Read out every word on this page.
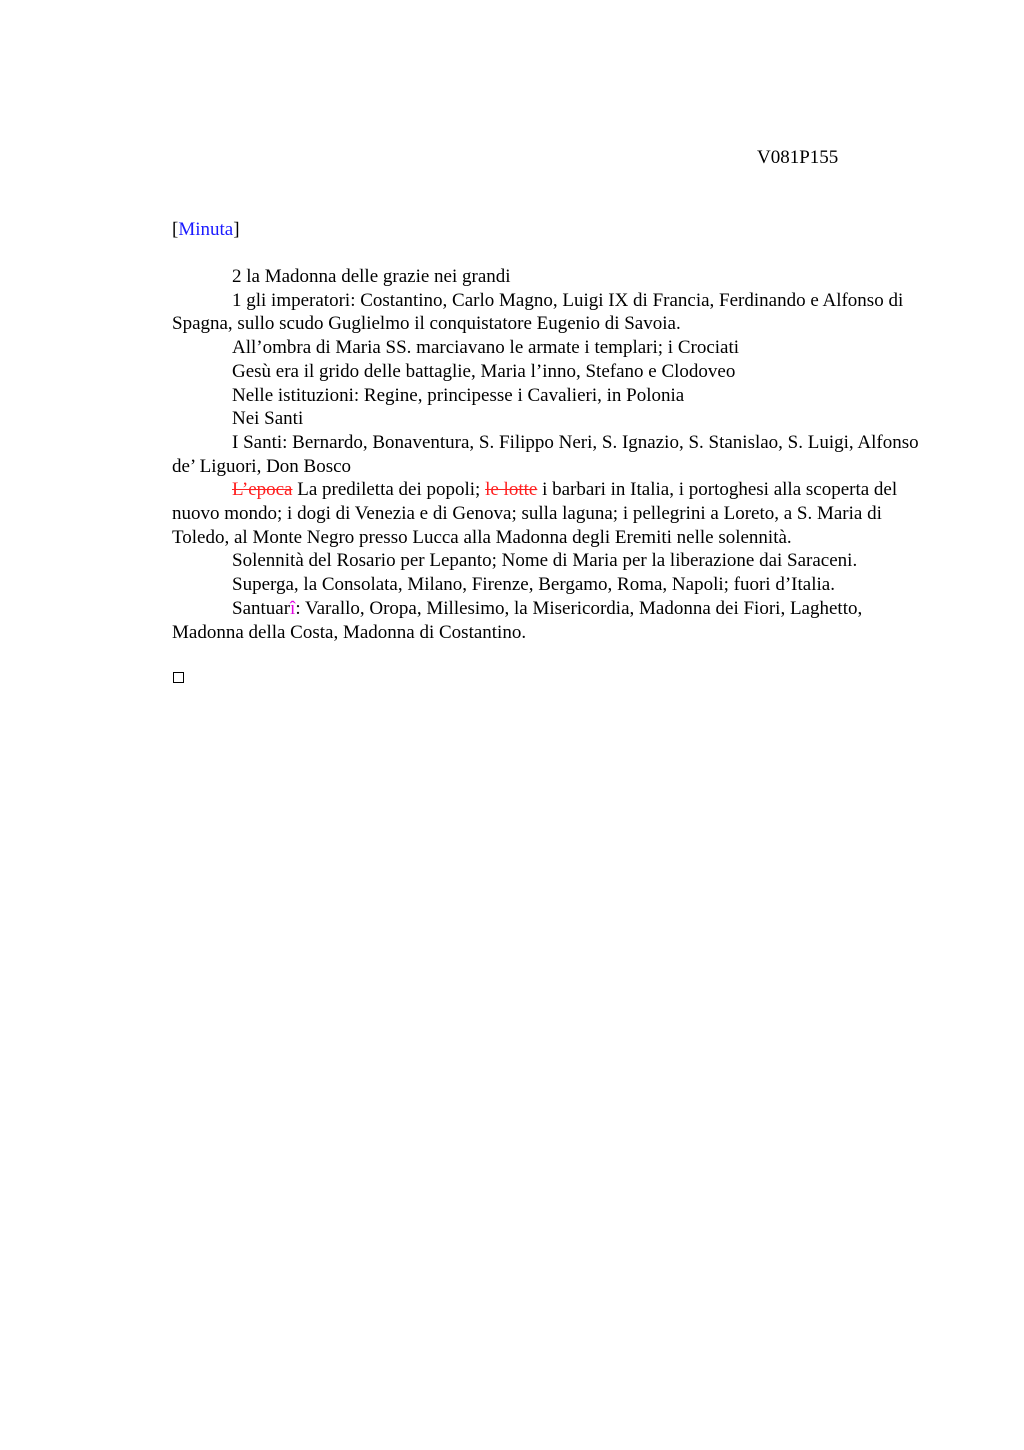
V081P155
[Minuta]

2 la Madonna delle grazie nei grandi

1 gli imperatori: Costantino, Carlo Magno, Luigi IX di Francia, Ferdinando e Alfonso di Spagna, sullo scudo Guglielmo il conquistatore Eugenio di Savoia.

All’ombra di Maria SS. marciavano le armate i templari; i Crociati

Gesù era il grido delle battaglie, Maria l’inno, Stefano e Clodoveo

Nelle istituzioni: Regine, principesse i Cavalieri, in Polonia

Nei Santi

I Santi: Bernardo, Bonaventura, S. Filippo Neri, S. Ignazio, S. Stanislao, S. Luigi, Alfonso de’ Liguori, Don Bosco

L’epoca La prediletta dei popoli; le lotte i barbari in Italia, i portoghesi alla scoperta del nuovo mondo; i dogi di Venezia e di Genova; sulla laguna; i pellegrini a Loreto, a S. Maria di Toledo, al Monte Negro presso Lucca alla Madonna degli Eremiti nelle solennità.

Solennità del Rosario per Lepanto; Nome di Maria per la liberazione dai Saraceni.

Superga, la Consolata, Milano, Firenze, Bergamo, Roma, Napoli; fuori d’Italia.

Santuarî: Varallo, Oropa, Millesimo, la Misericordia, Madonna dei Fiori, Laghetto, Madonna della Costa, Madonna di Costantino.
